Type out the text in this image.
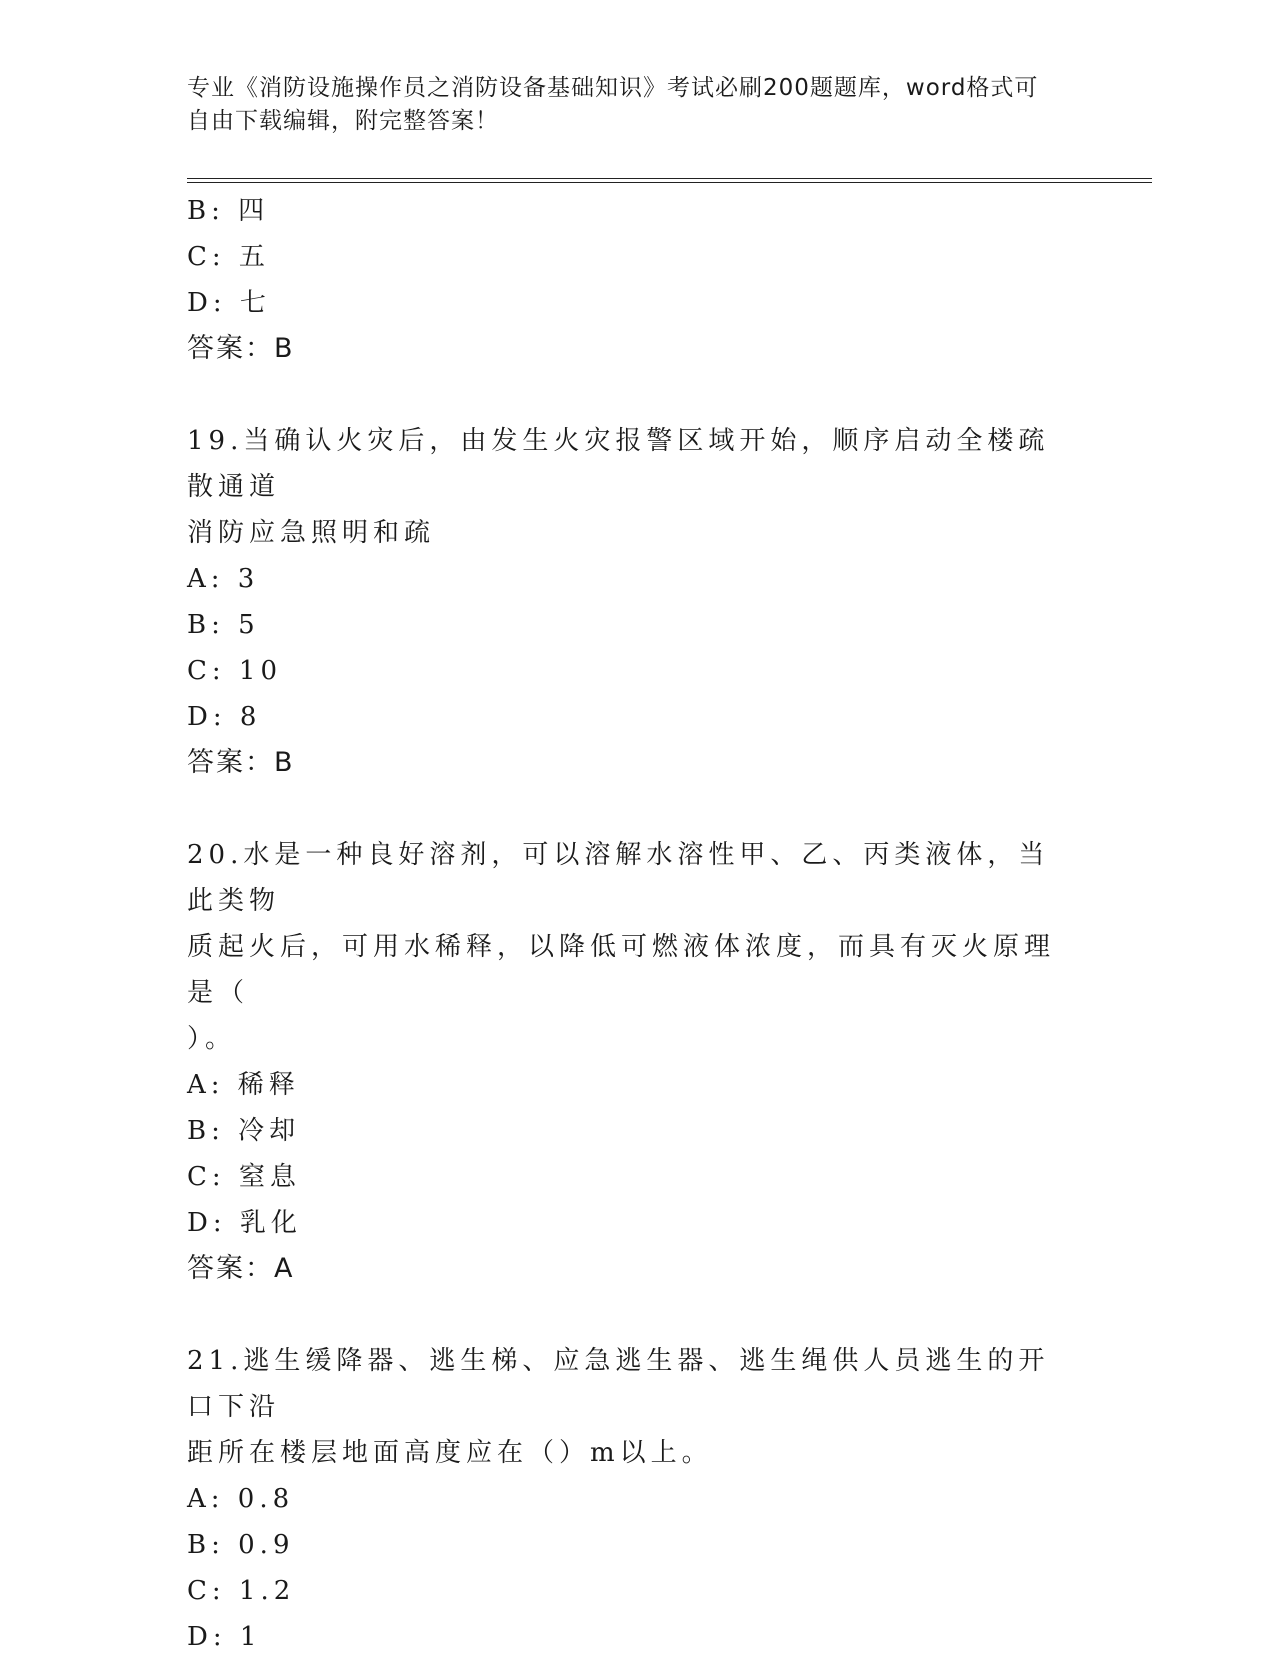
专业《消防设施操作员之消防设备基础知识》考试必刷200题题库，word格式可
自由下载编辑，附完整答案！
B: 四
C: 五
D: 七
答案：B
19.当确认火灾后，由发生火灾报警区域开始，顺序启动全楼疏散通道
消防应急照明和疏
A: 3
B: 5
C: 10
D: 8
答案：B
20.水是一种良好溶剂，可以溶解水溶性甲、乙、丙类液体，当此类物
质起火后，可用水稀释，以降低可燃液体浓度，而具有灭火原理是（
）。
A: 稀释
B: 冷却
C: 窒息
D: 乳化
答案：A
21.逃生缓降器、逃生梯、应急逃生器、逃生绳供人员逃生的开口下沿
距所在楼层地面高度应在（）m以上。
A: 0.8
B: 0.9
C: 1.2
D: 1
